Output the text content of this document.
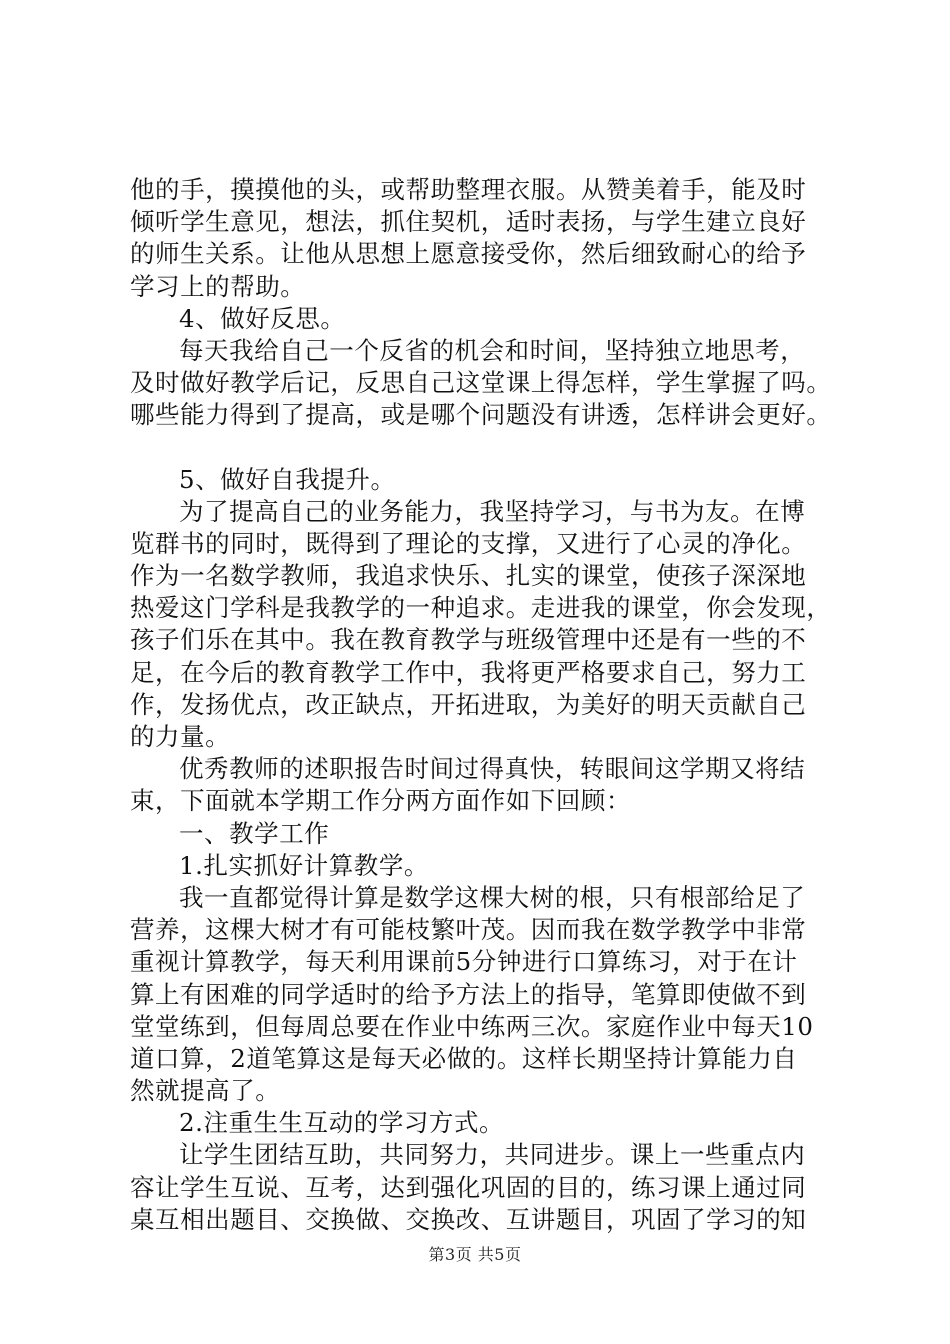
他的手，摸摸他的头，或帮助整理衣服。从赞美着手，能及时
倾听学生意见，想法，抓住契机，适时表扬，与学生建立良好
的师生关系。让他从思想上愿意接受你，然后细致耐心的给予
学习上的帮助。
4、做好反思。
每天我给自己一个反省的机会和时间，坚持独立地思考，
及时做好教学后记，反思自己这堂课上得怎样，学生掌握了吗。
哪些能力得到了提高，或是哪个问题没有讲透，怎样讲会更好。
5、做好自我提升。
为了提高自己的业务能力，我坚持学习，与书为友。在博
览群书的同时，既得到了理论的支撑，又进行了心灵的净化。
作为一名数学教师，我追求快乐、扎实的课堂，使孩子深深地
热爱这门学科是我教学的一种追求。走进我的课堂，你会发现，
孩子们乐在其中。我在教育教学与班级管理中还是有一些的不
足，在今后的教育教学工作中，我将更严格要求自己，努力工
作，发扬优点，改正缺点，开拓进取，为美好的明天贡献自己
的力量。
优秀教师的述职报告时间过得真快，转眼间这学期又将结
束，下面就本学期工作分两方面作如下回顾：
一、教学工作
1.扎实抓好计算教学。
我一直都觉得计算是数学这棵大树的根，只有根部给足了
营养，这棵大树才有可能枝繁叶茂。因而我在数学教学中非常
重视计算教学，每天利用课前5分钟进行口算练习，对于在计
算上有困难的同学适时的给予方法上的指导，笔算即使做不到
堂堂练到，但每周总要在作业中练两三次。家庭作业中每天10
道口算，2道笔算这是每天必做的。这样长期坚持计算能力自
然就提高了。
2.注重生生互动的学习方式。
让学生团结互助，共同努力，共同进步。课上一些重点内
容让学生互说、互考，达到强化巩固的目的，练习课上通过同
桌互相出题目、交换做、交换改、互讲题目，巩固了学习的知
第3页 共5页
